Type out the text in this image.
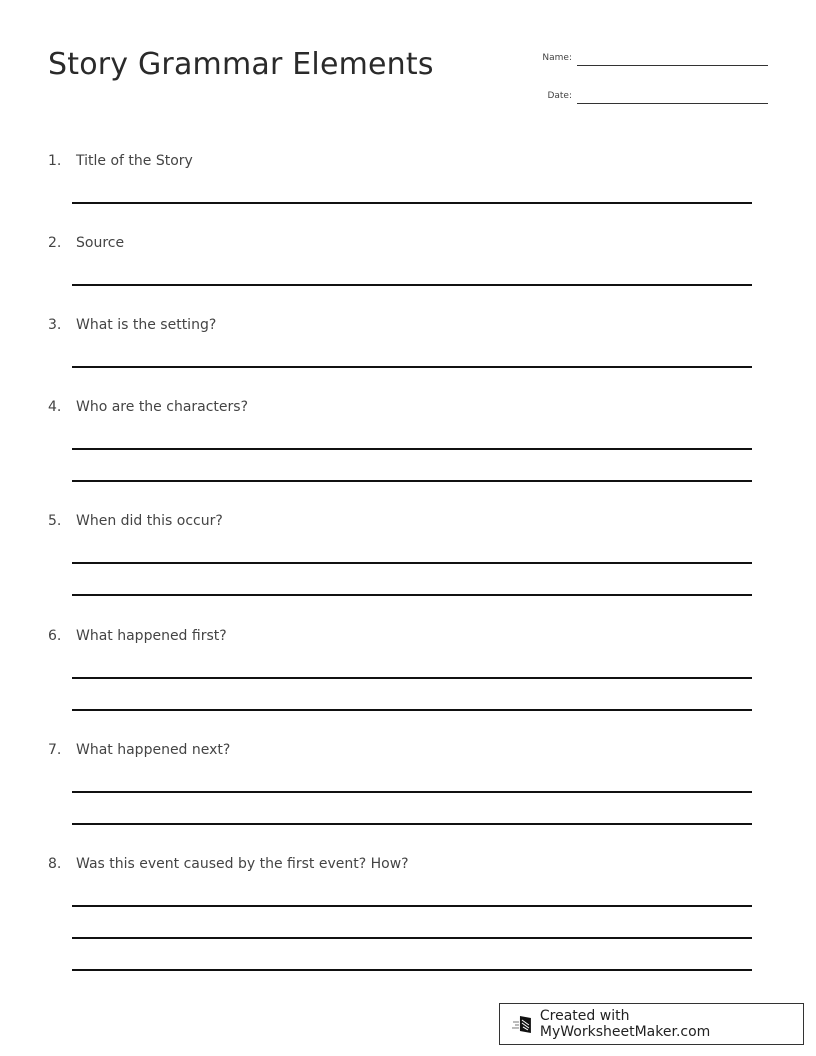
Story Grammar Elements	Name:
Date:
1. Title of the Story
2. Source
3. What is the setting?
4. Who are the characters?
5. When did this occur?
6. What happened first?
7. What happened next?
8. Was this event caused by the first event? How?
Created with MyWorksheetMaker.com
